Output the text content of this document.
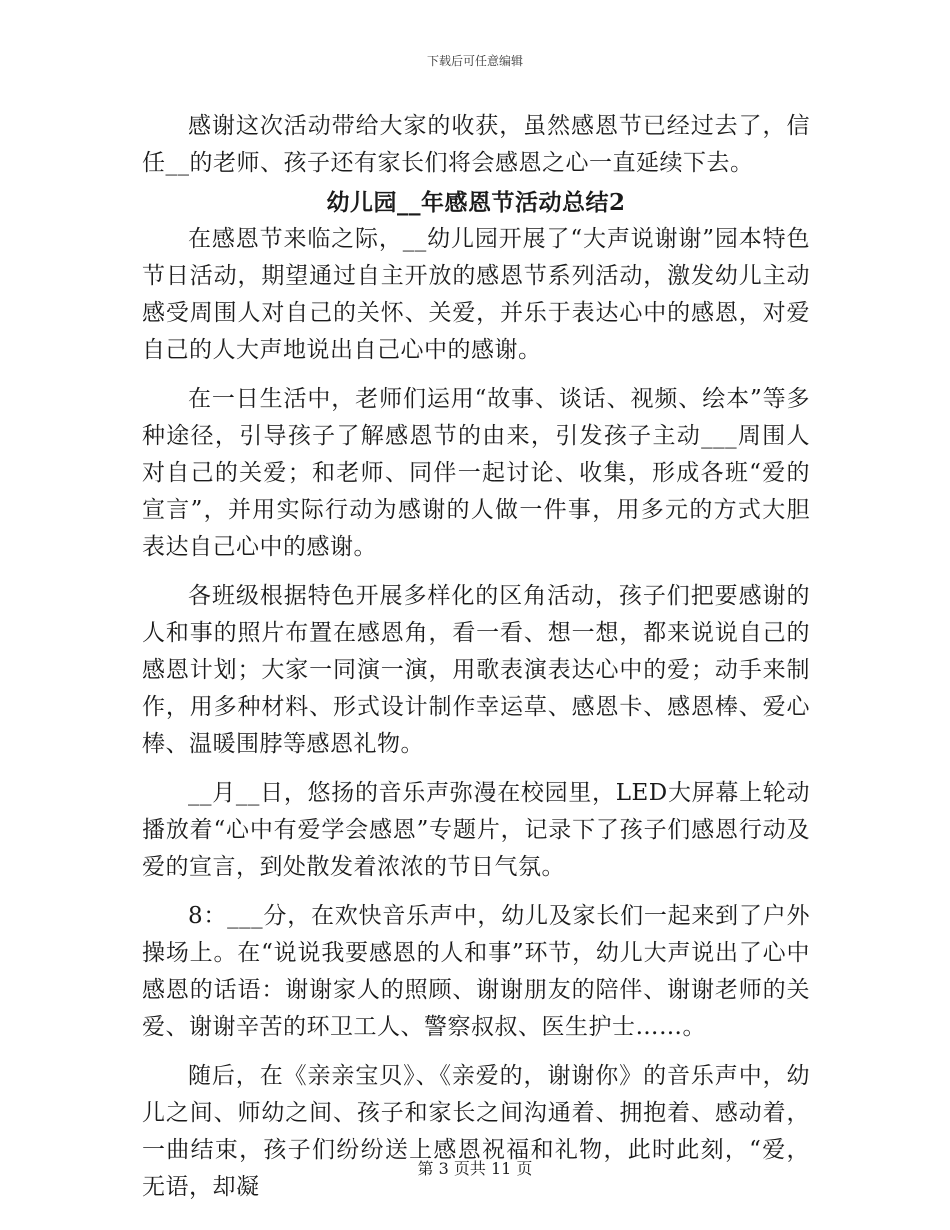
下载后可任意编辑

感谢这次活动带给大家的收获，虽然感恩节已经过去了，信任__的老师、孩子还有家长们将会感恩之心一直延续下去。

幼儿园__年感恩节活动总结2

在感恩节来临之际，__幼儿园开展了“大声说谢谢”园本特色节日活动，期望通过自主开放的感恩节系列活动，激发幼儿主动感受周围人对自己的关怀、关爱，并乐于表达心中的感恩，对爱自己的人大声地说出自己心中的感谢。

在一日生活中，老师们运用“故事、谈话、视频、绘本”等多种途径，引导孩子了解感恩节的由来，引发孩子主动___周围人对自己的关爱；和老师、同伴一起讨论、收集，形成各班“爱的宣言”，并用实际行动为感谢的人做一件事，用多元的方式大胆表达自己心中的感谢。

各班级根据特色开展多样化的区角活动，孩子们把要感谢的人和事的照片布置在感恩角，看一看、想一想，都来说说自己的感恩计划；大家一同演一演，用歌表演表达心中的爱；动手来制作，用多种材料、形式设计制作幸运草、感恩卡、感恩棒、爱心棒、温暖围脖等感恩礼物。

__月__日，悠扬的音乐声弥漫在校园里，LED大屏幕上轮动播放着“心中有爱学会感恩”专题片，记录下了孩子们感恩行动及爱的宣言，到处散发着浓浓的节日气氛。

8：___分，在欢快音乐声中，幼儿及家长们一起来到了户外操场上。在“说说我要感恩的人和事”环节，幼儿大声说出了心中感恩的话语：谢谢家人的照顾、谢谢朋友的陪伴、谢谢老师的关爱、谢谢辛苦的环卫工人、警察叔叔、医生护士……。

随后，在《亲亲宝贝》、《亲爱的，谢谢你》的音乐声中，幼儿之间、师幼之间、孩子和家长之间沟通着、拥抱着、感动着，一曲结束，孩子们纷纷送上感恩祝福和礼物，此时此刻，“爱，无语，却凝

第 3 页共 11 页
